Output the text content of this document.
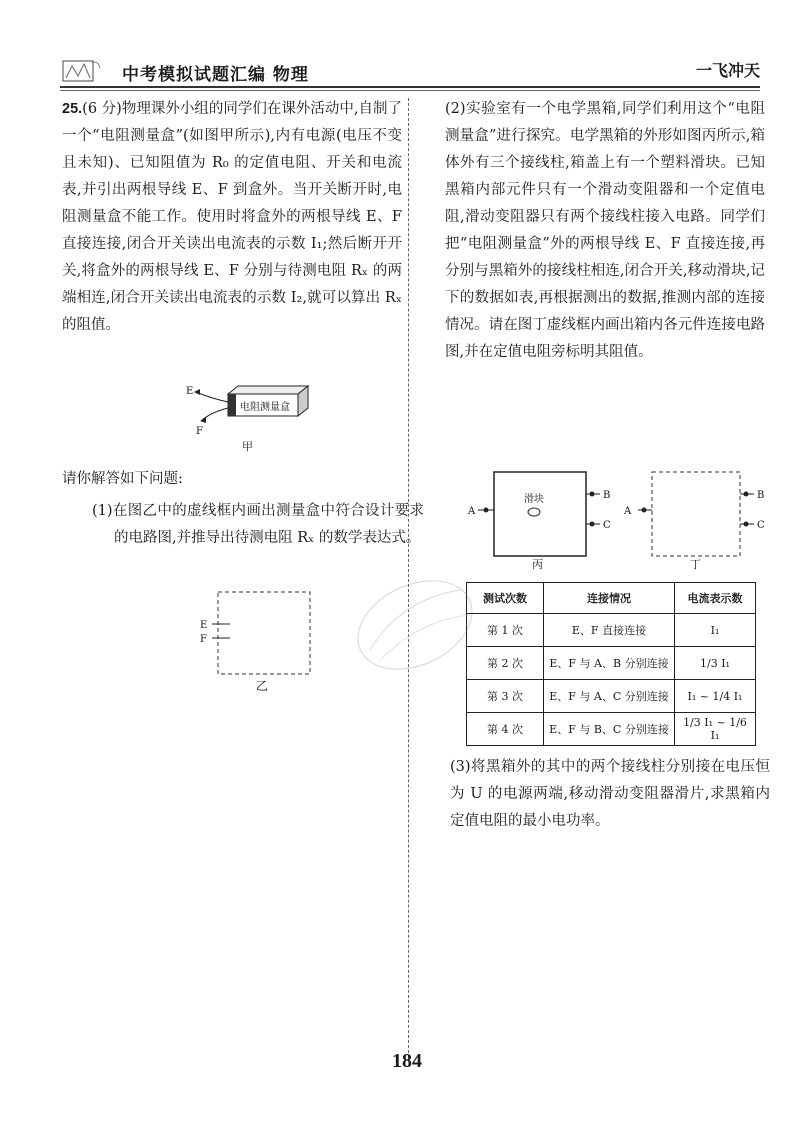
中考模拟试题汇编 物理	一飞冲天
25.(6 分)物理课外小组的同学们在课外活动中,自制了一个“电阻测量盒”(如图甲所示),内有电源(电压不变且未知)、已知阻值为 R₀ 的定值电阻、开关和电流表,并引出两根导线 E、F 到盒外。当开关断开时,电阻测量盒不能工作。使用时将盒外的两根导线 E、F 直接连接,闭合开关读出电流表的示数 I₁;然后断开开关,将盒外的两根导线 E、F 分别与待测电阻 Rₓ 的两端相连,闭合开关读出电流表的示数 I₂,就可以算出 Rₓ 的阻值。
电阻测量盒
E
F
甲
请你解答如下问题:
(1)在图乙中的虚线框内画出测量盒中符合设计要求的电路图,并推导出待测电阻 Rₓ 的数学表达式。
E
F
乙
(2)实验室有一个电学黑箱,同学们利用这个“电阻测量盒”进行探究。电学黑箱的外形如图丙所示,箱体外有三个接线柱,箱盖上有一个塑料滑块。已知黑箱内部元件只有一个滑动变阻器和一个定值电阻,滑动变阻器只有两个接线柱接入电路。同学们把“电阻测量盒”外的两根导线 E、F 直接连接,再分别与黑箱外的接线柱相连,闭合开关,移动滑块,记下的数据如表,再根据测出的数据,推测内部的连接情况。请在图丁虚线框内画出箱内各元件连接电路图,并在定值电阻旁标明其阻值。
滑块
A
B
C
丙
A
B
C
丁
测试次数	连接情况	电流表示数
第 1 次	E、F 直接连接	I₁
第 2 次	E、F 与 A、B 分别连接	1/3 I₁
第 3 次	E、F 与 A、C 分别连接	I₁ ~ 1/4 I₁
第 4 次	E、F 与 B、C 分别连接	1/3 I₁ ~ 1/6 I₁
(3)将黑箱外的其中的两个接线柱分别接在电压恒为 U 的电源两端,移动滑动变阻器滑片,求黑箱内定值电阻的最小电功率。
184
